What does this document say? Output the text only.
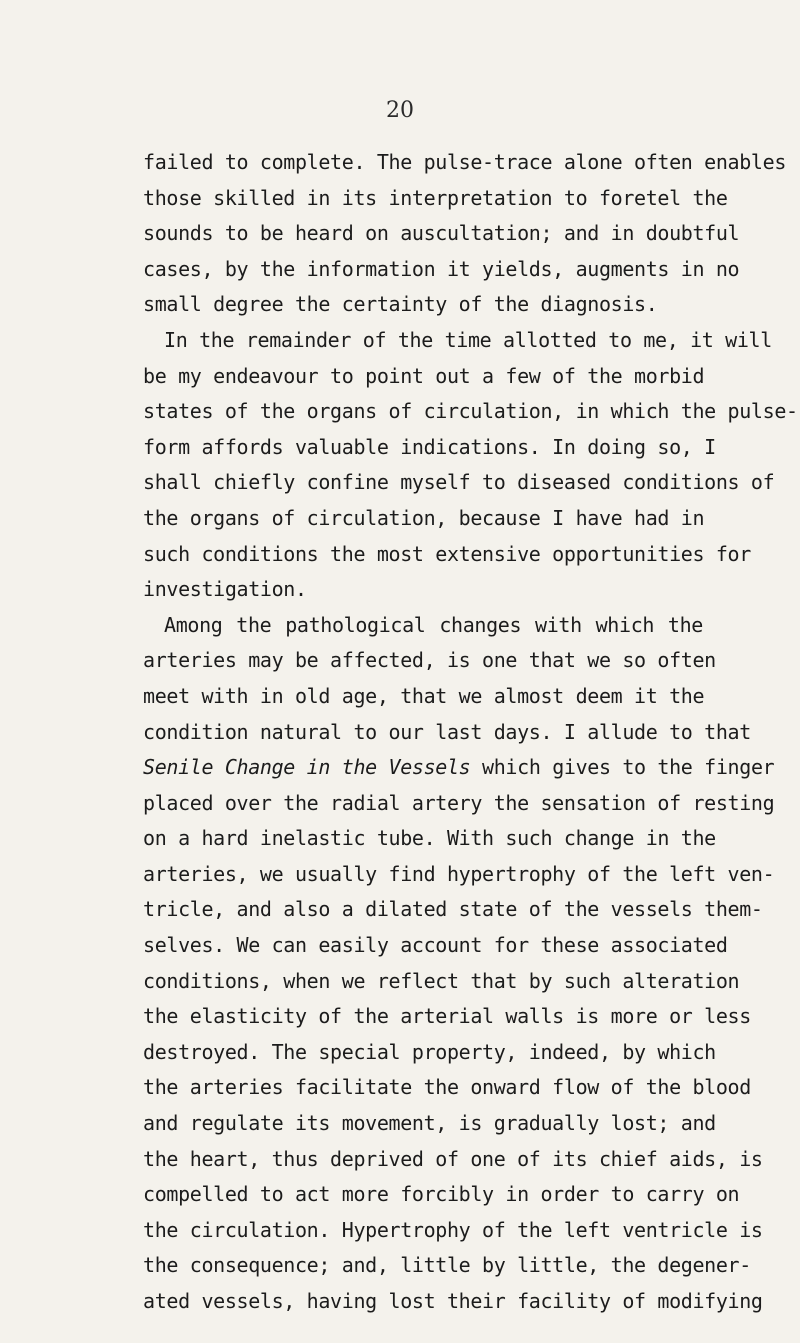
20
failed to complete. The pulse-trace alone often enables
those skilled in its interpretation to foretel the
sounds to be heard on auscultation; and in doubtful
cases, by the information it yields, augments in no
small degree the certainty of the diagnosis.
In the remainder of the time allotted to me, it will
be my endeavour to point out a few of the morbid
states of the organs of circulation, in which the pulse-
form affords valuable indications. In doing so, I
shall chiefly confine myself to diseased conditions of
the organs of circulation, because I have had in
such conditions the most extensive opportunities for
investigation.
Among the pathological changes with which the
arteries may be affected, is one that we so often
meet with in old age, that we almost deem it the
condition natural to our last days. I allude to that
Senile Change in the Vessels which gives to the finger
placed over the radial artery the sensation of resting
on a hard inelastic tube. With such change in the
arteries, we usually find hypertrophy of the left ven-
tricle, and also a dilated state of the vessels them-
selves. We can easily account for these associated
conditions, when we reflect that by such alteration
the elasticity of the arterial walls is more or less
destroyed. The special property, indeed, by which
the arteries facilitate the onward flow of the blood
and regulate its movement, is gradually lost; and
the heart, thus deprived of one of its chief aids, is
compelled to act more forcibly in order to carry on
the circulation. Hypertrophy of the left ventricle is
the consequence; and, little by little, the degener-
ated vessels, having lost their facility of modifying
